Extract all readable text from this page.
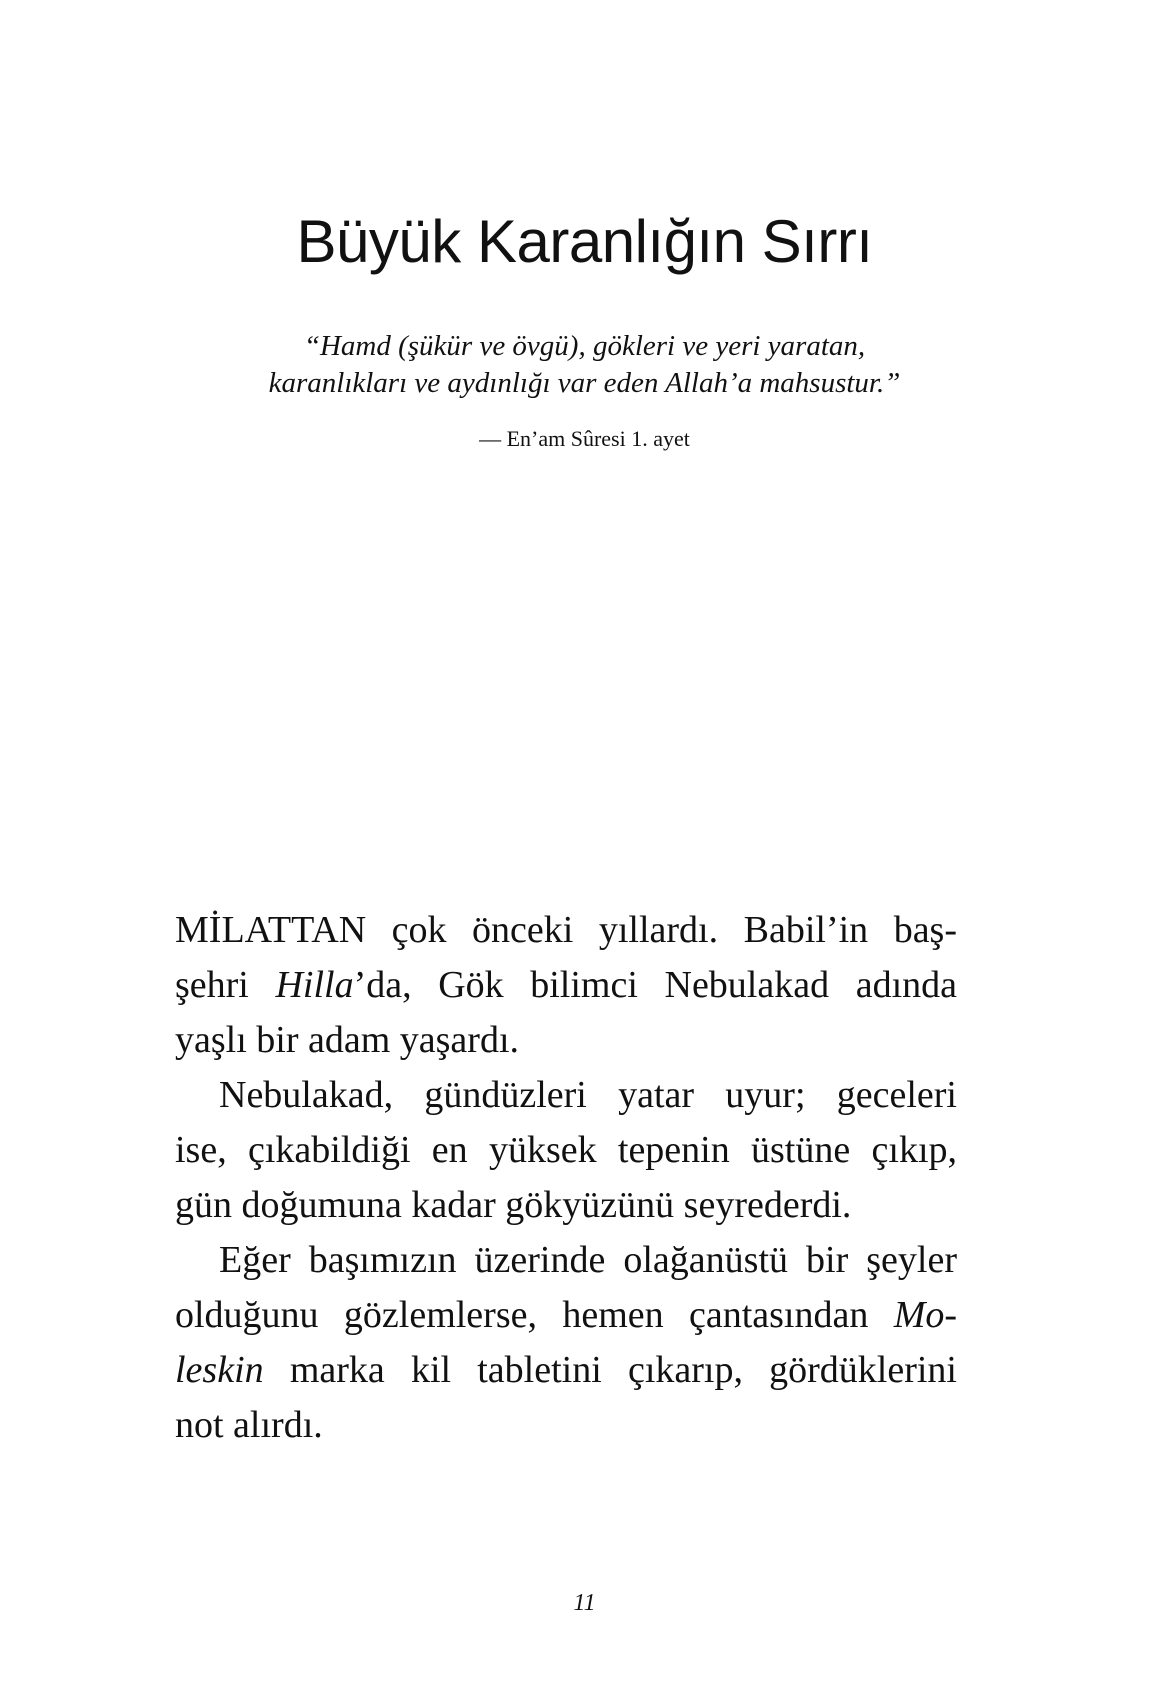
Büyük Karanlığın Sırrı
“Hamd (şükür ve övgü), gökleri ve yeri yaratan,
karanlıkları ve aydınlığı var eden Allah’a mahsustur.”
— En’am Sûresi 1. ayet
MİLATTAN çok önceki yıllardı. Babil’in baş-
şehri Hilla’da, Gök bilimci Nebulakad adında
yaşlı bir adam yaşardı.
Nebulakad, gündüzleri yatar uyur; geceleri
ise, çıkabildiği en yüksek tepenin üstüne çıkıp,
gün doğumuna kadar gökyüzünü seyrederdi.
Eğer başımızın üzerinde olağanüstü bir şeyler
olduğunu gözlemlerse, hemen çantasından Mo-
leskin marka kil tabletini çıkarıp, gördüklerini
not alırdı.
11
